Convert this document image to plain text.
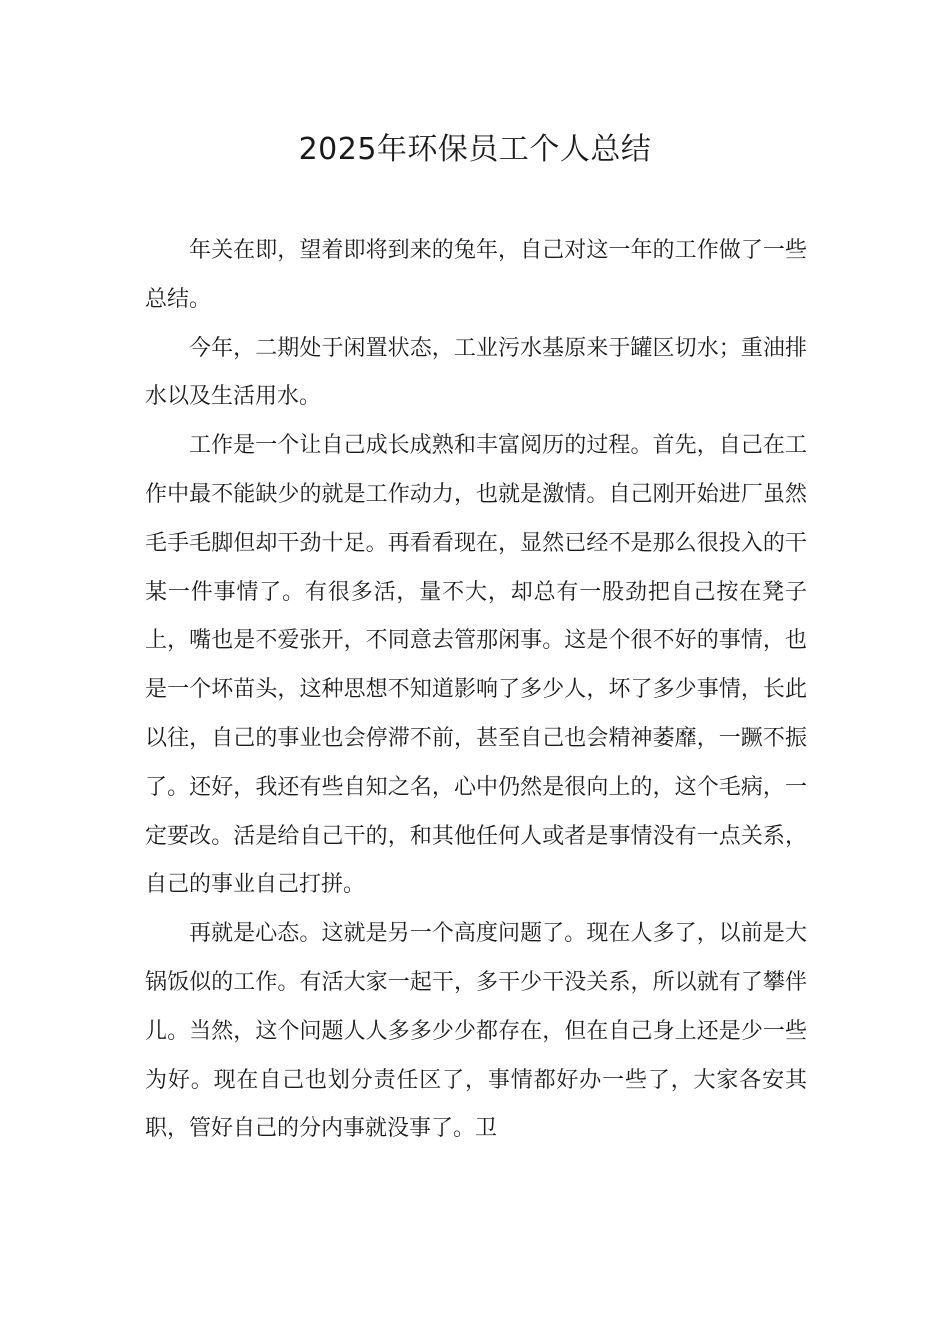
2025年环保员工个人总结

年关在即，望着即将到来的兔年，自己对这一年的工作做了一些总结。

今年，二期处于闲置状态，工业污水基原来于罐区切水；重油排水以及生活用水。

工作是一个让自己成长成熟和丰富阅历的过程。首先，自己在工作中最不能缺少的就是工作动力，也就是激情。自己刚开始进厂虽然毛手毛脚但却干劲十足。再看看现在，显然已经不是那么很投入的干某一件事情了。有很多活，量不大，却总有一股劲把自己按在凳子上，嘴也是不爱张开，不同意去管那闲事。这是个很不好的事情，也是一个坏苗头，这种思想不知道影响了多少人，坏了多少事情，长此以往，自己的事业也会停滞不前，甚至自己也会精神萎靡，一蹶不振了。还好，我还有些自知之名，心中仍然是很向上的，这个毛病，一定要改。活是给自己干的，和其他任何人或者是事情没有一点关系，自己的事业自己打拼。

再就是心态。这就是另一个高度问题了。现在人多了，以前是大锅饭似的工作。有活大家一起干，多干少干没关系，所以就有了攀伴儿。当然，这个问题人人多多少少都存在，但在自己身上还是少一些为好。现在自己也划分责任区了，事情都好办一些了，大家各安其职，管好自己的分内事就没事了。卫
